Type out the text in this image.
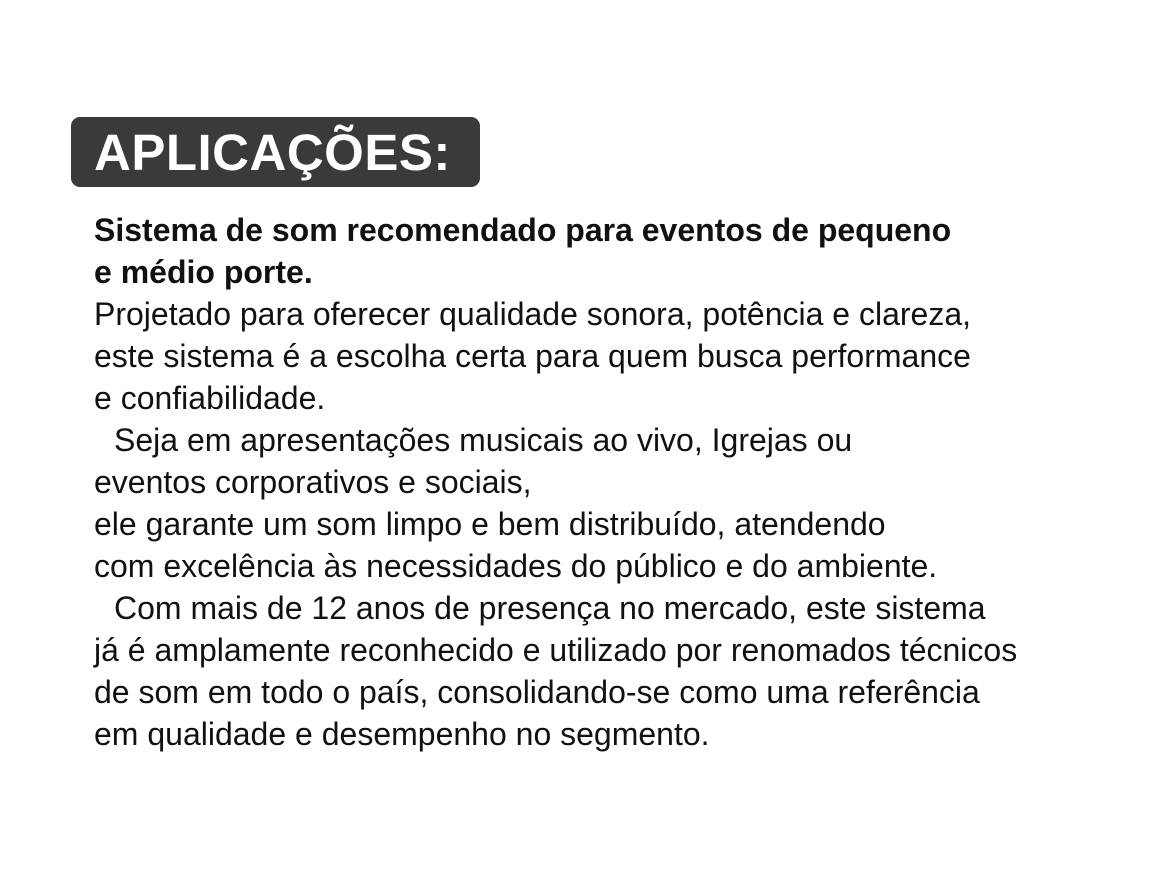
APLICAÇÕES:
Sistema de som recomendado para eventos de pequeno
e médio porte.
Projetado para oferecer qualidade sonora, potência e clareza,
este sistema é a escolha certa para quem busca performance
e confiabilidade.
Seja em apresentações musicais ao vivo, Igrejas ou
eventos corporativos e sociais,
ele garante um som limpo e bem distribuído, atendendo
com excelência às necessidades do público e do ambiente.
Com mais de 12 anos de presença no mercado, este sistema
já é amplamente reconhecido e utilizado por renomados técnicos
de som em todo o país, consolidando-se como uma referência
em qualidade e desempenho no segmento.
